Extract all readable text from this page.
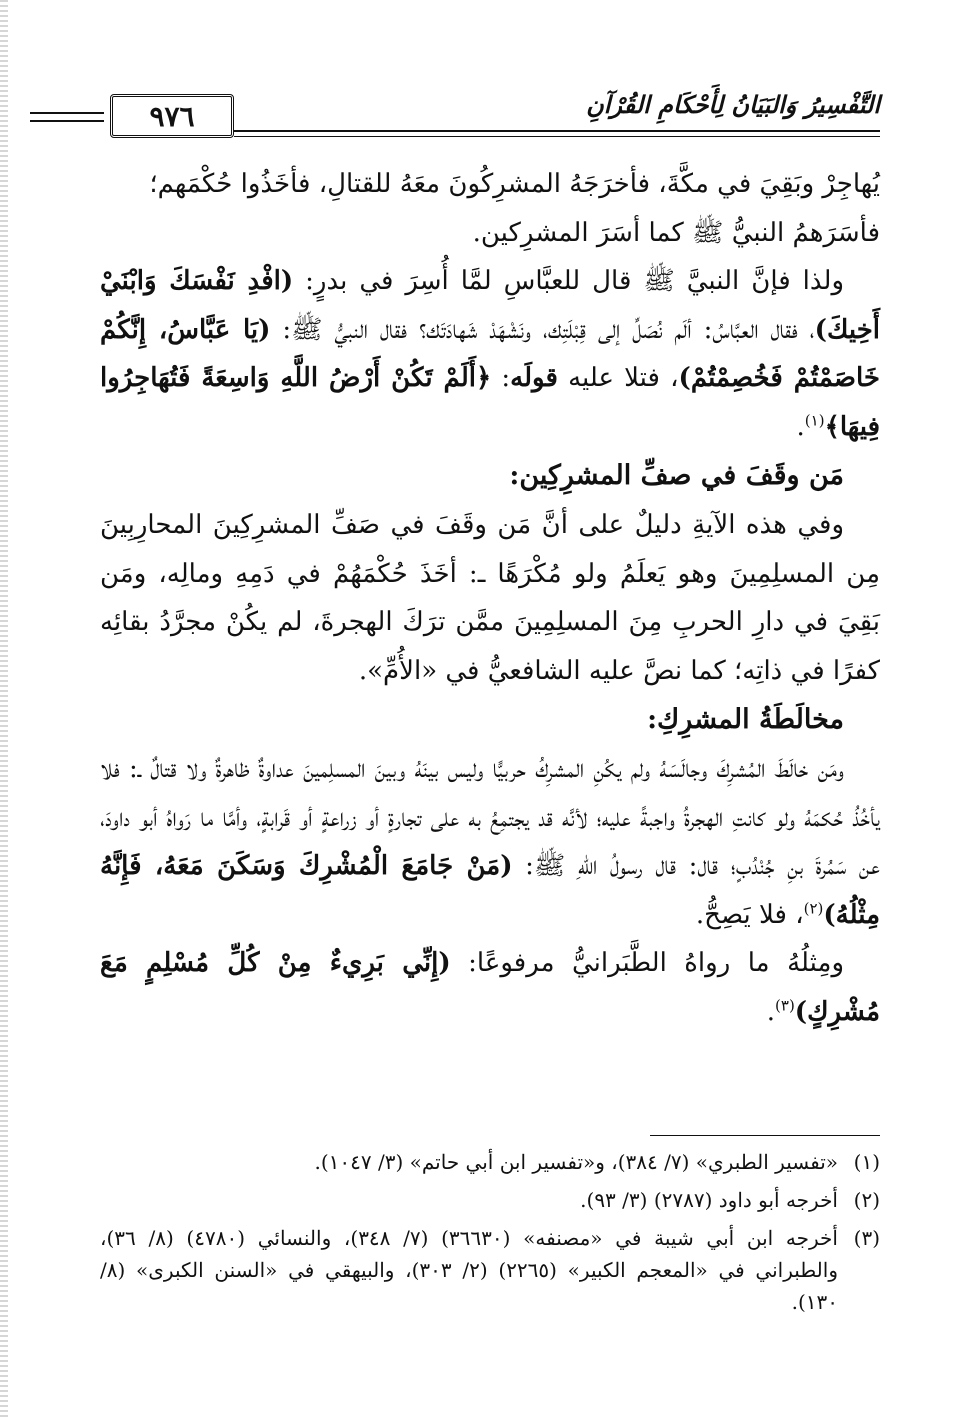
٩٧٦	التَّفْسِيرُ وَالبَيَانُ لِأَحْكَامِ القُرْآنِ

يُهاجِرْ وبَقِيَ في مكَّةَ، فأخرَجَهُ المشرِكُونَ معَهُ للقتالِ، فأخَذُوا حُكْمَهم؛
فأسَرَهمُ النبيُّ ﷺ كما أسَرَ المشرِكين.

ولذا فإنَّ النبيَّ ﷺ قال للعبَّاسِ لمَّا أُسِرَ في بدرٍ: (افْدِ نَفْسَكَ وَابْنَيْ أَخِيكَ)، فقال العبَّاسُ: ألَم نُصَلِّ إلى قِبْلَتِك، ونَشْهَدْ شَهادَتَك؟ فقال النبيُّ ﷺ: (يَا عَبَّاسُ، إِنَّكُمْ خَاصَمْتُمْ فَخُصِمْتُمْ)، فتلا عليه قولَه: ﴿أَلَمْ تَكُنْ أَرْضُ اللَّهِ وَاسِعَةً فَتُهَاجِرُوا فِيهَا﴾$^{(١)}$.

مَن وقَفَ في صفِّ المشرِكِين:

وفي هذه الآيةِ دليلٌ على أنَّ مَن وقَفَ في صَفِّ المشرِكِينَ المحارِبِينَ مِن المسلِمِينَ وهو يَعلَمُ ولو مُكْرَهًا ـ: أخَذَ حُكْمَهُمْ في دَمِهِ ومالِه، ومَن بَقِيَ في دارِ الحربِ مِنَ المسلِمِينَ ممَّن ترَكَ الهجرةَ، لم يكُنْ مجرَّدُ بقائِه كفرًا في ذاتِه؛ كما نصَّ عليه الشافعيُّ في «الأُمِّ».

مخالَطَةُ المشرِكِ:

ومَن خالَطَ المُشرِكَ وجالَسَهُ ولم يكُنِ المشرِكُ حربيًّا وليس بينَهُ وبينَ المسلِمينَ عداوةٌ ظاهرةٌ ولا قتالٌ ـ: فلا يأخُذُ حُكمَهُ ولو كانتِ الهجرةُ واجبةً عليه؛ لأنَّه قد يجتمِعُ به على تجارةٍ أو زراعةٍ أو قَرابةٍ، وأمَّا ما رَواهُ أبو داودَ، عن سَمُرةَ بنِ جُنْدُبٍ؛ قال: قال رسولُ اللهِ ﷺ: (مَنْ جَامَعَ الْمُشْرِكَ وَسَكَنَ مَعَهُ، فَإِنَّهُ مِثْلُهُ)$^{(٢)}$، فلا يَصِحُّ.

ومِثلُهُ ما رواهُ الطَّبَرانيُّ مرفوعًا: (إِنِّي بَرِيءٌ مِنْ كُلِّ مُسْلِمٍ مَعَ مُشْرِكٍ)$^{(٣)}$.

(١)
«تفسير الطبري» (٧/ ٣٨٤)، و«تفسير ابن أبي حاتم» (٣/ ١٠٤٧).
(٢)
أخرجه أبو داود (٢٧٨٧) (٣/ ٩٣).
(٣)
أخرجه ابن أبي شيبة في «مصنفه» (٣٦٦٣٠) (٧/ ٣٤٨)، والنسائي (٤٧٨٠) (٨/ ٣٦)، والطبراني في «المعجم الكبير» (٢٢٦٥) (٢/ ٣٠٣)، والبيهقي في «السنن الكبرى» (٨/ ١٣٠).
